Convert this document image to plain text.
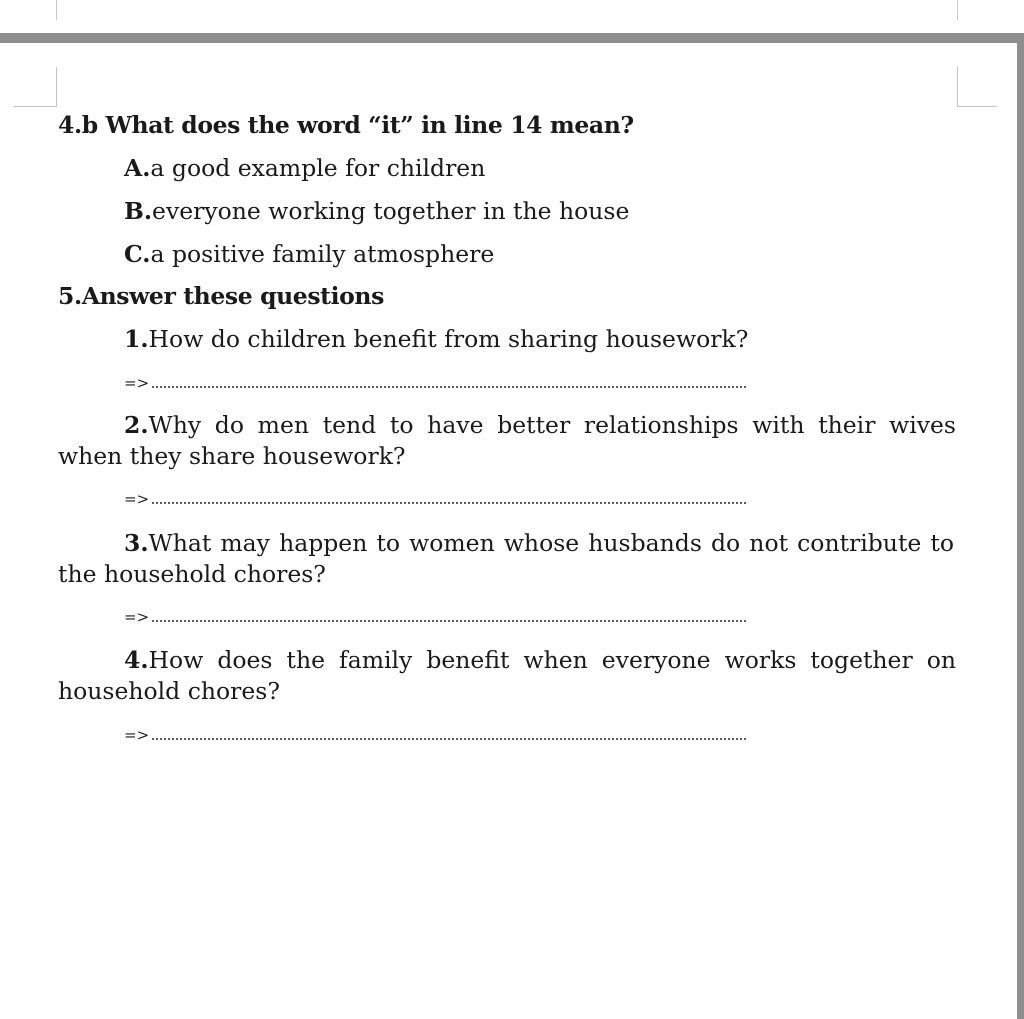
4.b What does the word “it” in line 14 mean?
A.a good example for children
B.everyone working together in the house
C.a positive family atmosphere
5.Answer these questions
1.How do children benefit from sharing housework?
=>
2.Why do men tend to have better relationships with their wives
when they share housework?
=>
3.What may happen to women whose husbands do not contribute to
the household chores?
=>
4.How does the family benefit when everyone works together on
household chores?
=>
